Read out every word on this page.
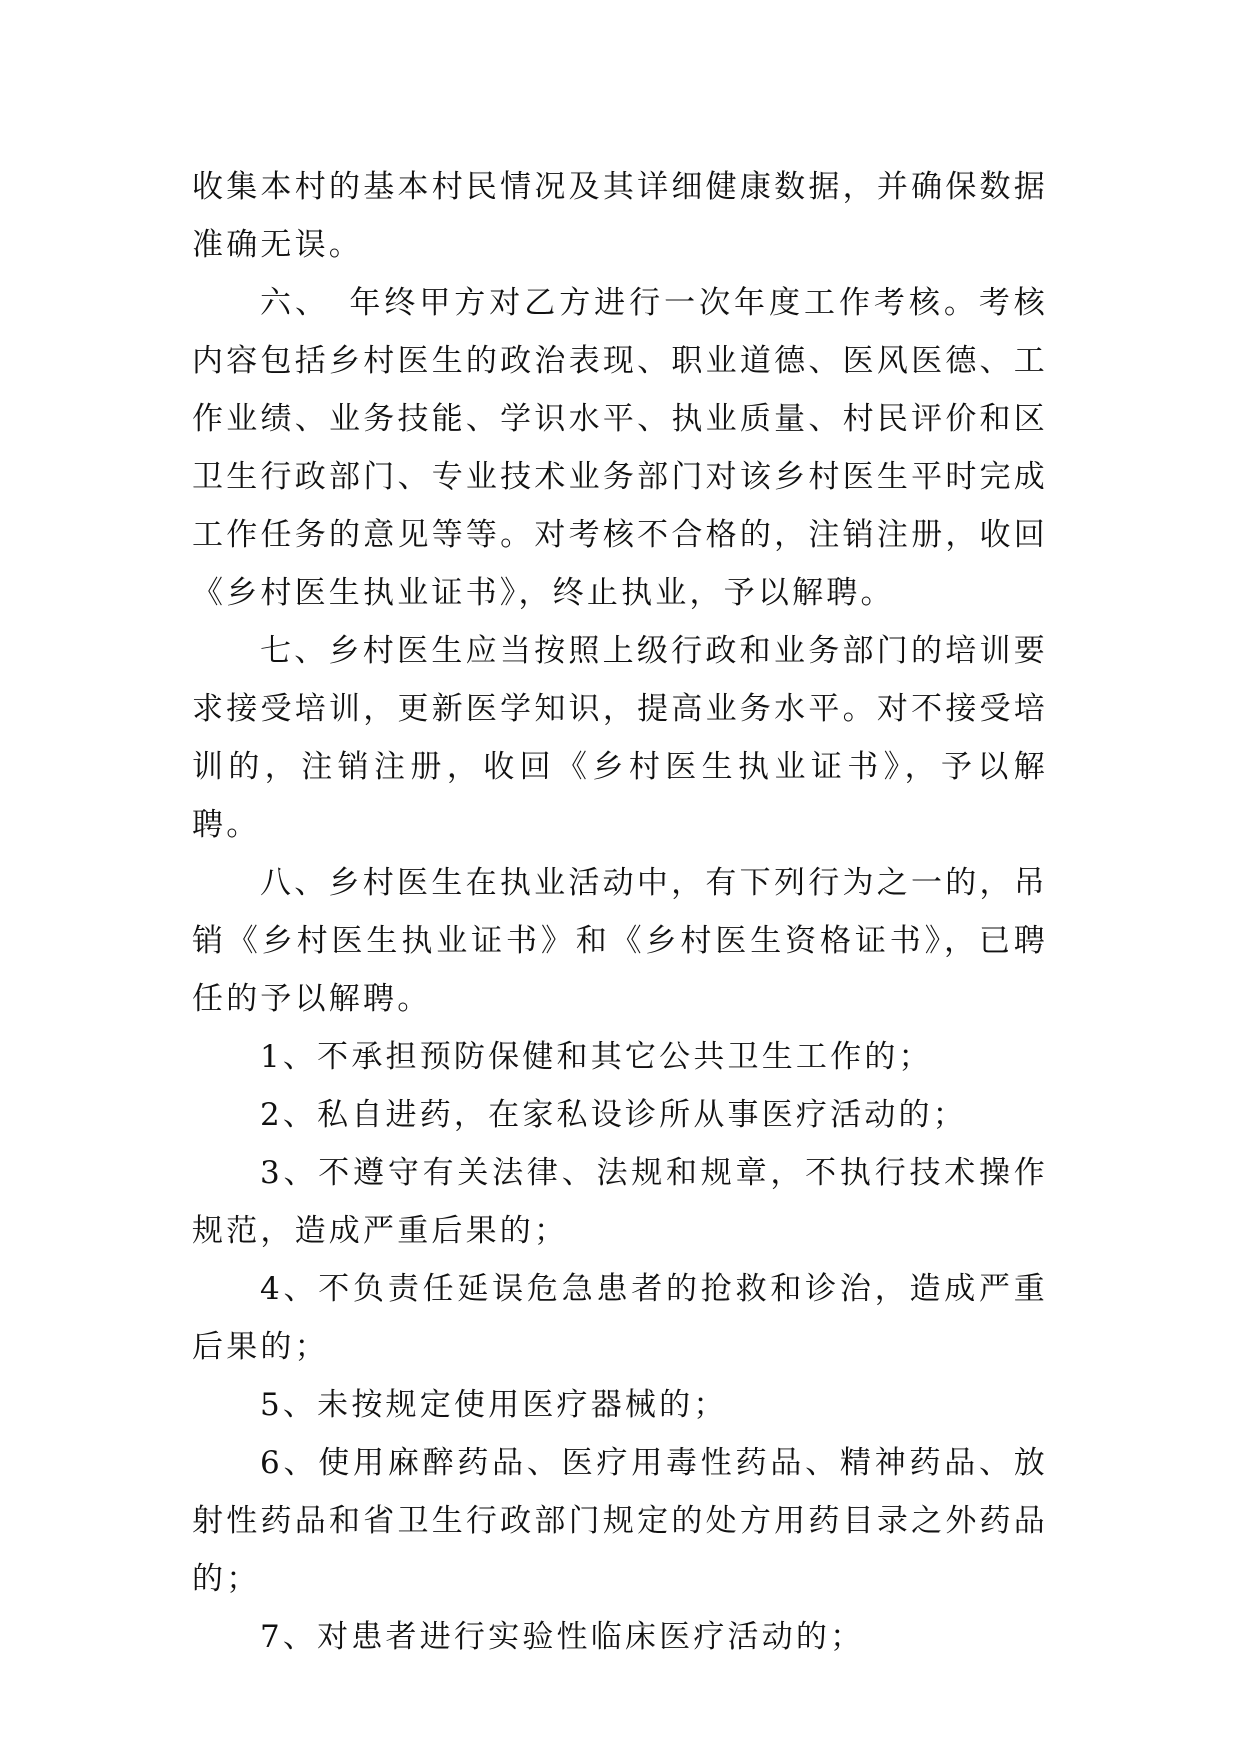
收集本村的基本村民情况及其详细健康数据，并确保数据准确无误。

六、　年终甲方对乙方进行一次年度工作考核。考核内容包括乡村医生的政治表现、职业道德、医风医德、工作业绩、业务技能、学识水平、执业质量、村民评价和区卫生行政部门、专业技术业务部门对该乡村医生平时完成工作任务的意见等等。对考核不合格的，注销注册，收回《乡村医生执业证书》，终止执业，予以解聘。

七、乡村医生应当按照上级行政和业务部门的培训要求接受培训，更新医学知识，提高业务水平。对不接受培训的，注销注册，收回《乡村医生执业证书》，予以解聘。

八、乡村医生在执业活动中，有下列行为之一的，吊销《乡村医生执业证书》和《乡村医生资格证书》，已聘任的予以解聘。

1、不承担预防保健和其它公共卫生工作的；

2、私自进药，在家私设诊所从事医疗活动的；

3、不遵守有关法律、法规和规章，不执行技术操作规范，造成严重后果的；

4、不负责任延误危急患者的抢救和诊治，造成严重后果的；

5、未按规定使用医疗器械的；

6、使用麻醉药品、医疗用毒性药品、精神药品、放射性药品和省卫生行政部门规定的处方用药目录之外药品的；

7、对患者进行实验性临床医疗活动的；
